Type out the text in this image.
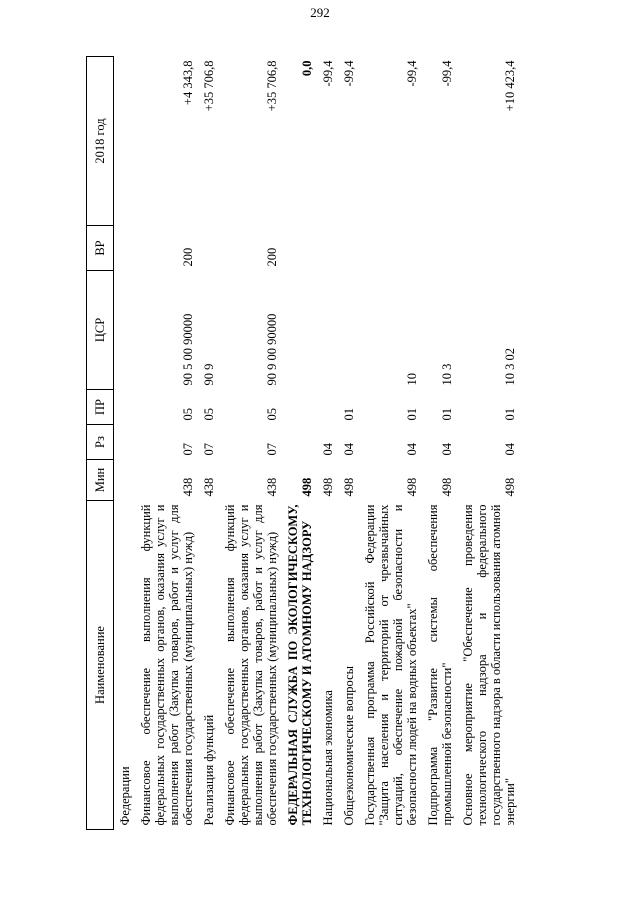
292
Наименование	Мин	Рз	ПР	ЦСР	ВР	2018 год
Федерации						
Финансовое обеспечение выполнения функций федеральных государственных органов, оказания услуг и выполнения работ (Закупка товаров, работ и услуг для обеспечения государственных (муниципальных) нужд)	438	07	05	90 5 00 90000	200	+4 343,8
Реализация функций	438	07	05	90 9		+35 706,8
Финансовое обеспечение выполнения функций федеральных государственных органов, оказания услуг и выполнения работ (Закупка товаров, работ и услуг для обеспечения государственных (муниципальных) нужд)	438	07	05	90 9 00 90000	200	+35 706,8
ФЕДЕРАЛЬНАЯ СЛУЖБА ПО ЭКОЛОГИЧЕСКОМУ, ТЕХНОЛОГИЧЕСКОМУ И АТОМНОМУ НАДЗОРУ	498					0,0
Национальная экономика	498	04				-99,4
Общеэкономические вопросы	498	04	01			-99,4
Государственная программа Российской Федерации "Защита населения и территорий от чрезвычайных ситуаций, обеспечение пожарной безопасности и безопасности людей на водных объектах"	498	04	01	10		-99,4
Подпрограмма "Развитие системы обеспечения промышленной безопасности"	498	04	01	10 3		-99,4
Основное мероприятие "Обеспечение проведения технологического надзора и федерального государственного надзора в области использования атомной энергии"	498	04	01	10 3 02		+10 423,4
